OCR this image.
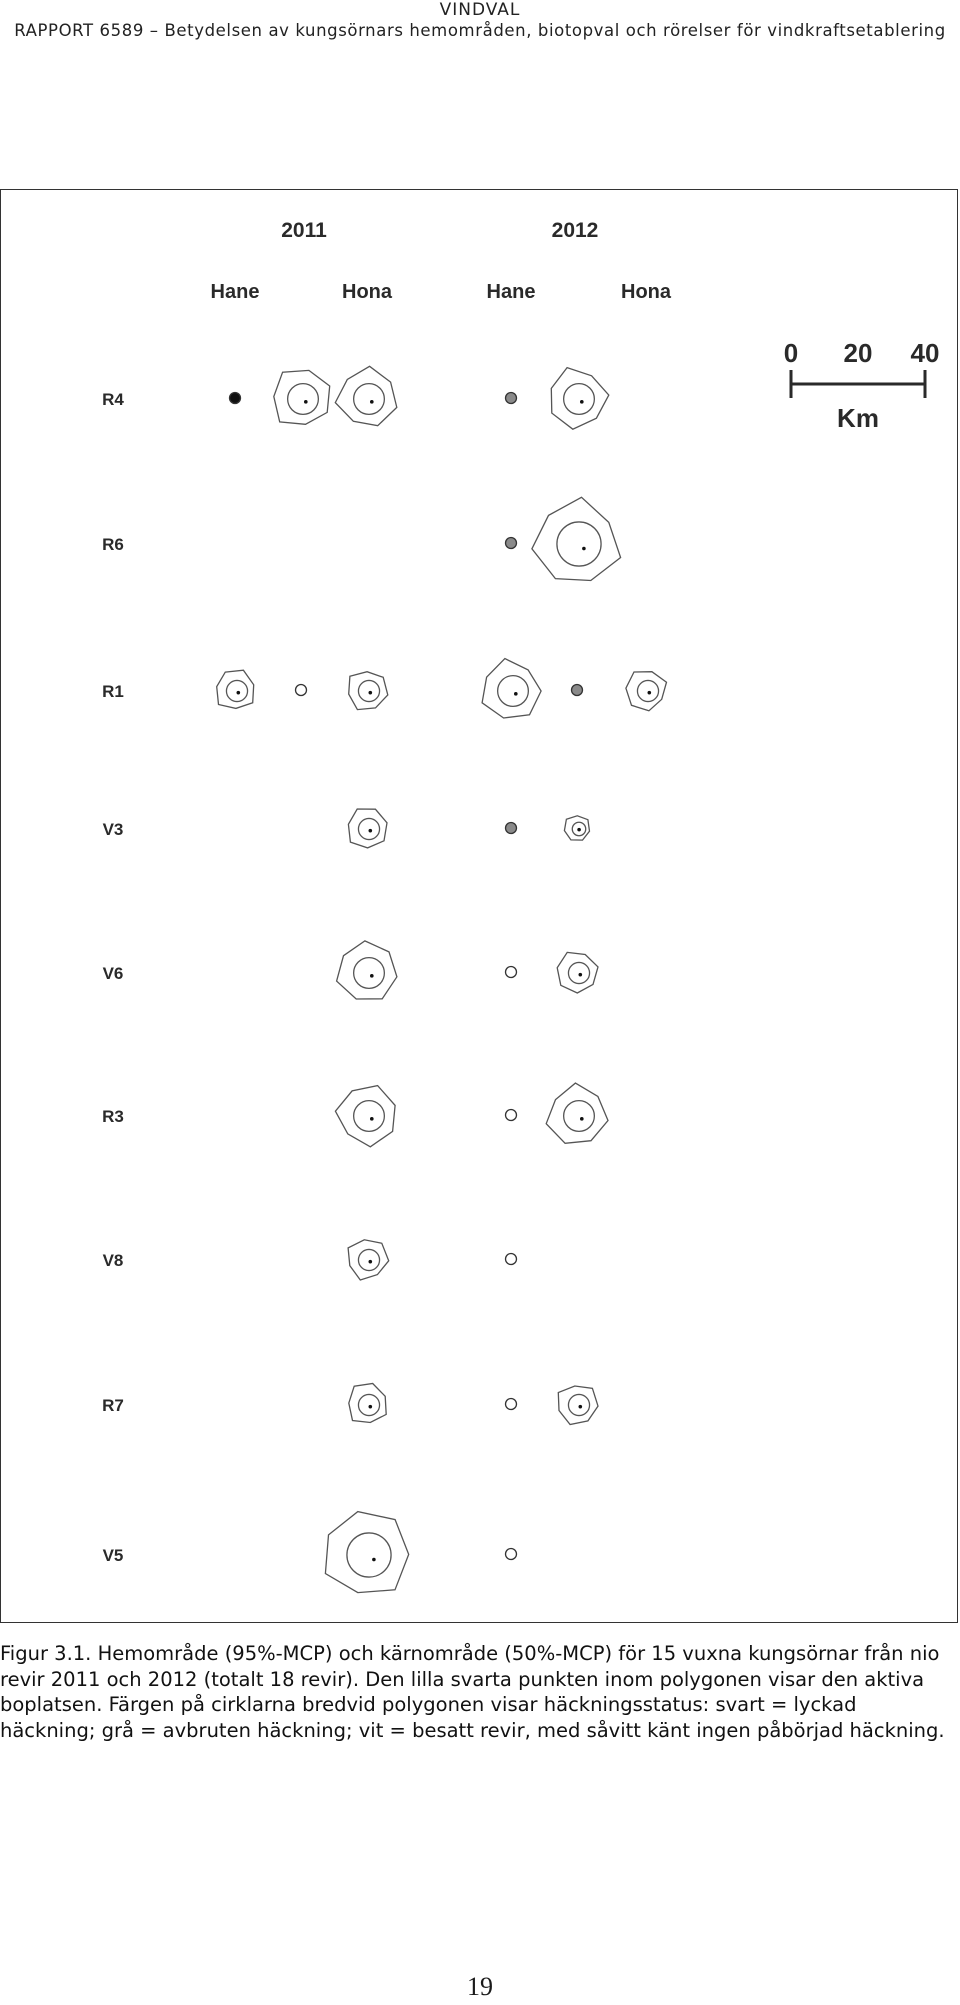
VINDVAL
RAPPORT 6589 – Betydelsen av kungsörnars hemområden, biotopval och rörelser för vindkraftsetablering
2011	2012
Hane	Hona	Hane	Hona
0 20 40
Km
R4
R6
R1
V3
V6
R3
V8
R7
V5
Figur 3.1. Hemområde (95%-MCP) och kärnområde (50%-MCP) för 15 vuxna kungsörnar från nio revir 2011 och 2012 (totalt 18 revir). Den lilla svarta punkten inom polygonen visar den aktiva boplatsen. Färgen på cirklarna bredvid polygonen visar häckningsstatus: svart = lyckad häckning; grå = avbruten häckning; vit = besatt revir, med såvitt känt ingen påbörjad häckning.
19
